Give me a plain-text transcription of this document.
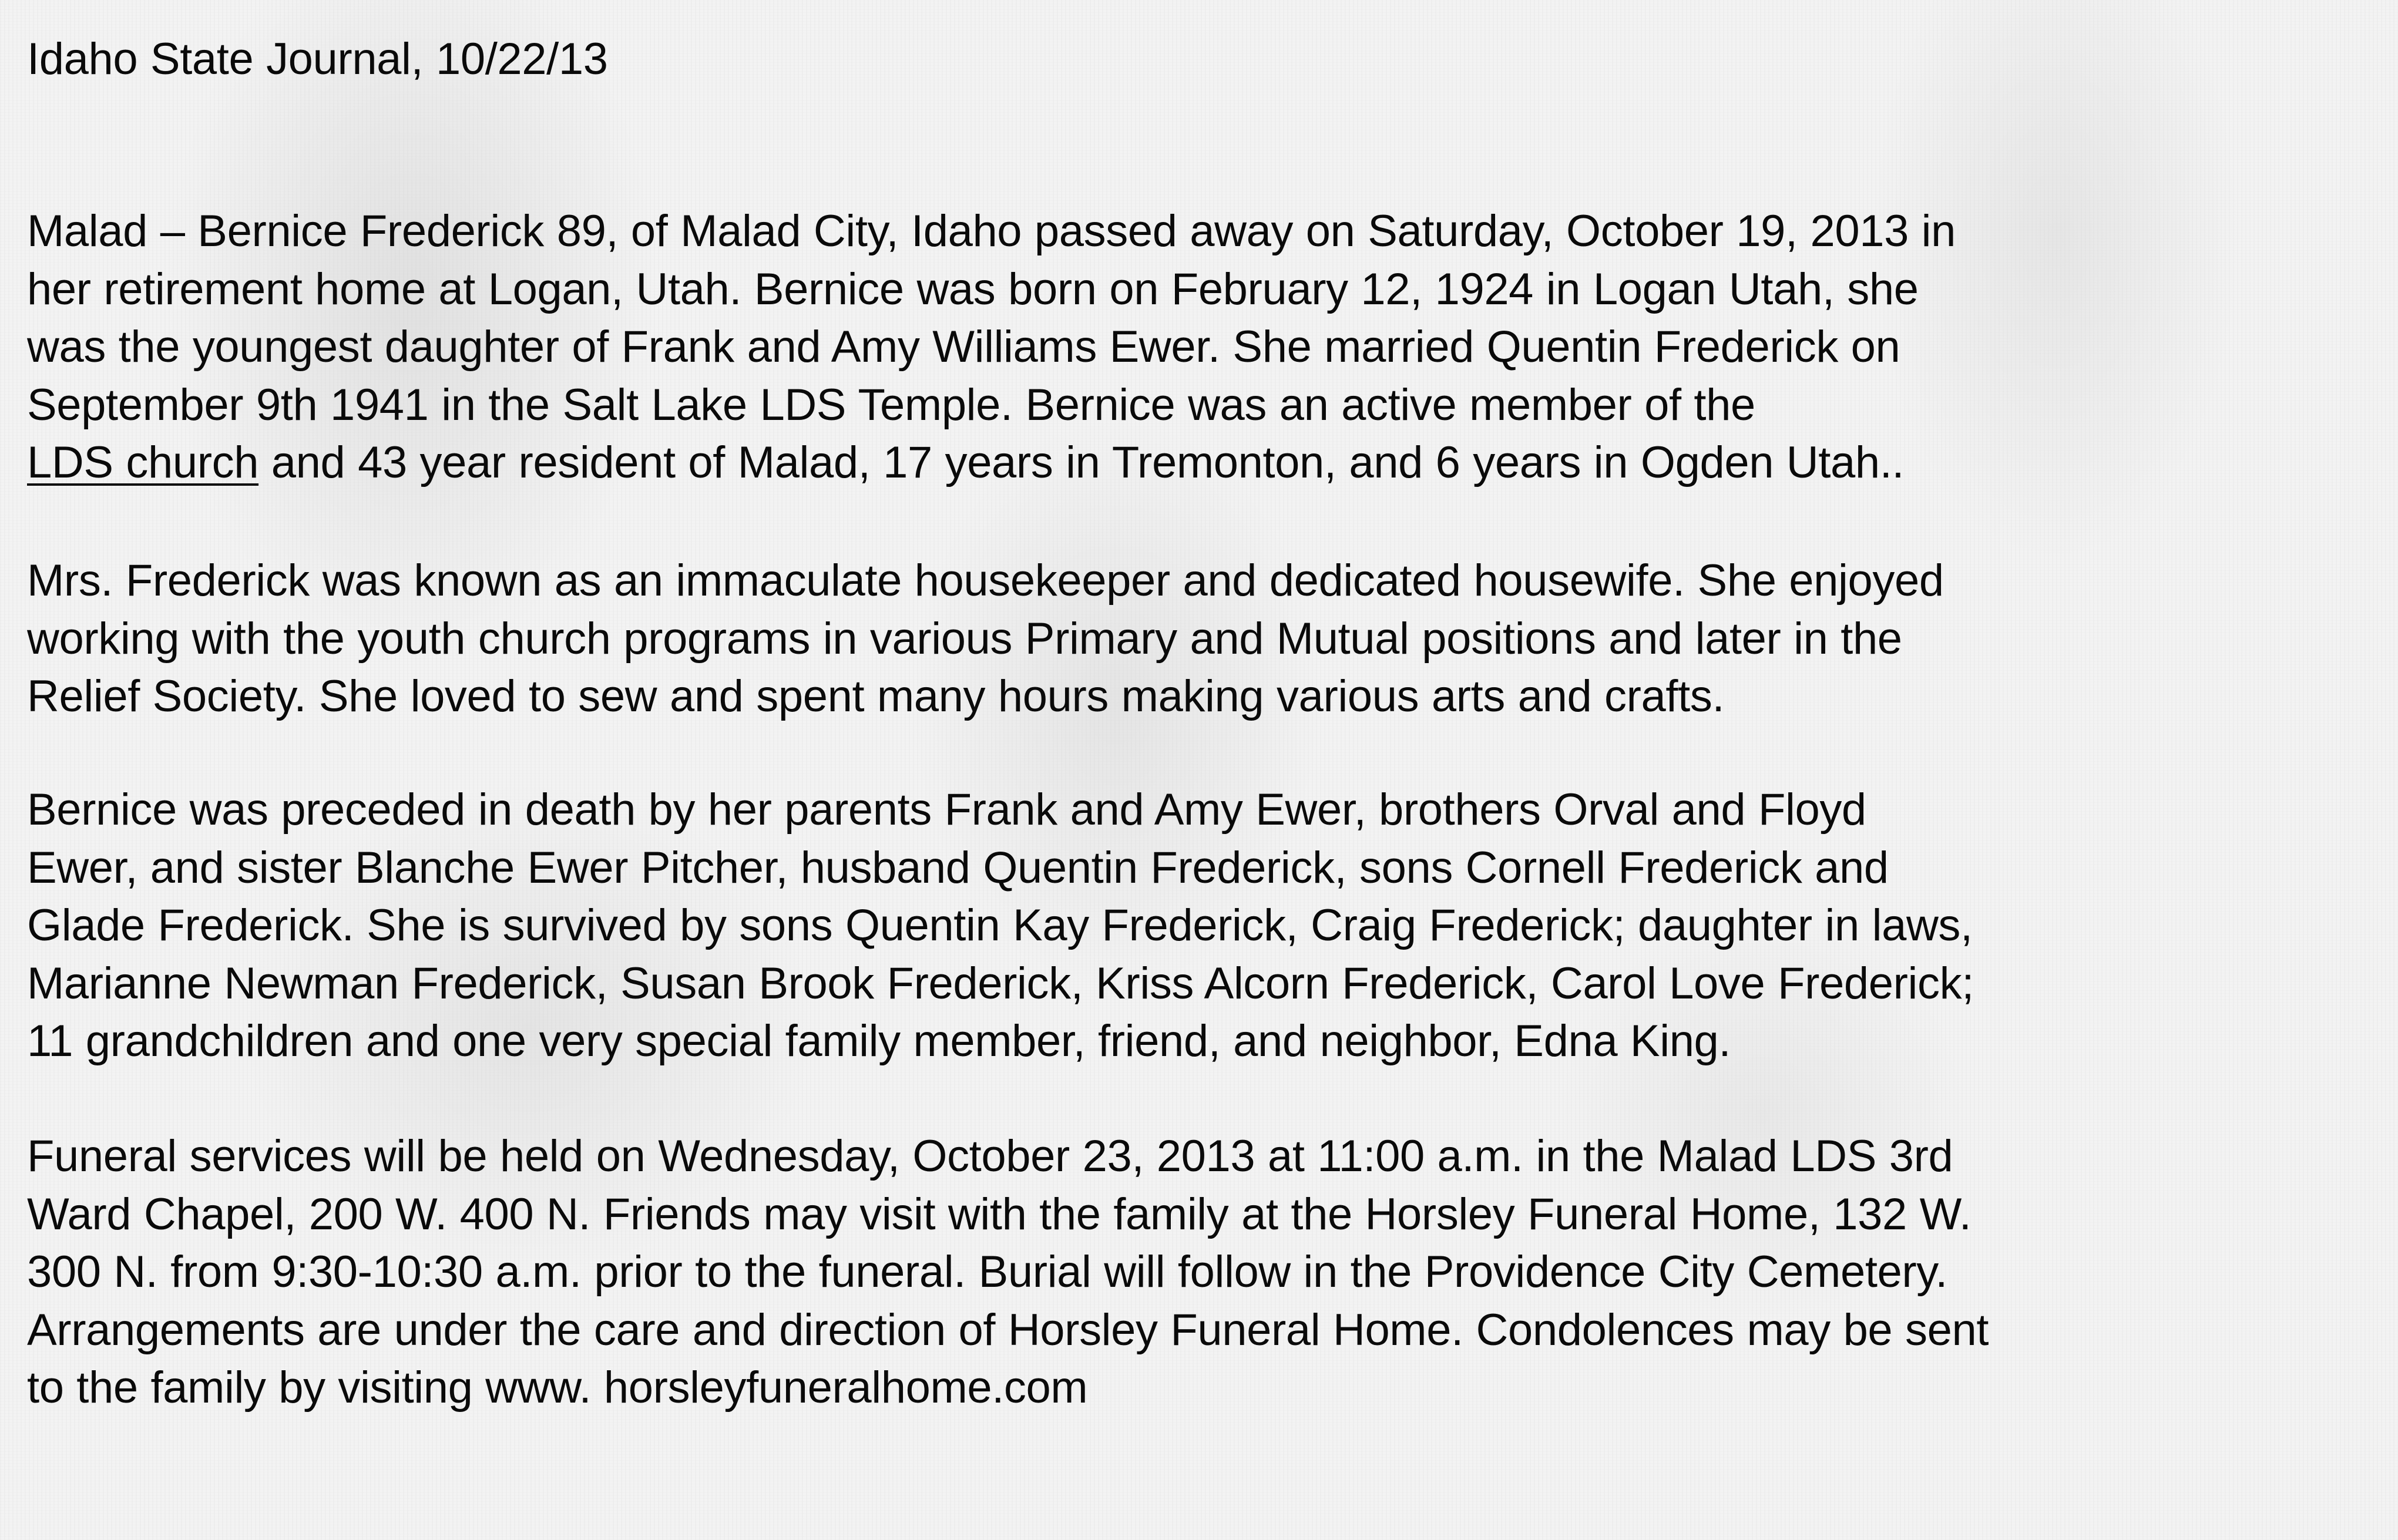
Idaho State Journal, 10/22/13
Malad – Bernice Frederick 89, of Malad City, Idaho passed away on Saturday, October 19, 2013 in
her retirement home at Logan, Utah. Bernice was born on February 12, 1924 in Logan Utah, she
was the youngest daughter of Frank and Amy Williams Ewer. She married Quentin Frederick on
September 9th 1941 in the Salt Lake LDS Temple. Bernice was an active member of the
LDS church and 43 year resident of Malad, 17 years in Tremonton, and 6 years in Ogden Utah..
Mrs. Frederick was known as an immaculate housekeeper and dedicated housewife. She enjoyed
working with the youth church programs in various Primary and Mutual positions and later in the
Relief Society. She loved to sew and spent many hours making various arts and crafts.
Bernice was preceded in death by her parents Frank and Amy Ewer, brothers Orval and Floyd
Ewer, and sister Blanche Ewer Pitcher, husband Quentin Frederick, sons Cornell Frederick and
Glade Frederick. She is survived by sons Quentin Kay Frederick, Craig Frederick; daughter in laws,
Marianne Newman Frederick, Susan Brook Frederick, Kriss Alcorn Frederick, Carol Love Frederick;
11 grandchildren and one very special family member, friend, and neighbor, Edna King.
Funeral services will be held on Wednesday, October 23, 2013 at 11:00 a.m. in the Malad LDS 3rd
Ward Chapel, 200 W. 400 N. Friends may visit with the family at the Horsley Funeral Home, 132 W.
300 N. from 9:30-10:30 a.m. prior to the funeral. Burial will follow in the Providence City Cemetery.
Arrangements are under the care and direction of Horsley Funeral Home. Condolences may be sent
to the family by visiting www. horsleyfuneralhome.com
